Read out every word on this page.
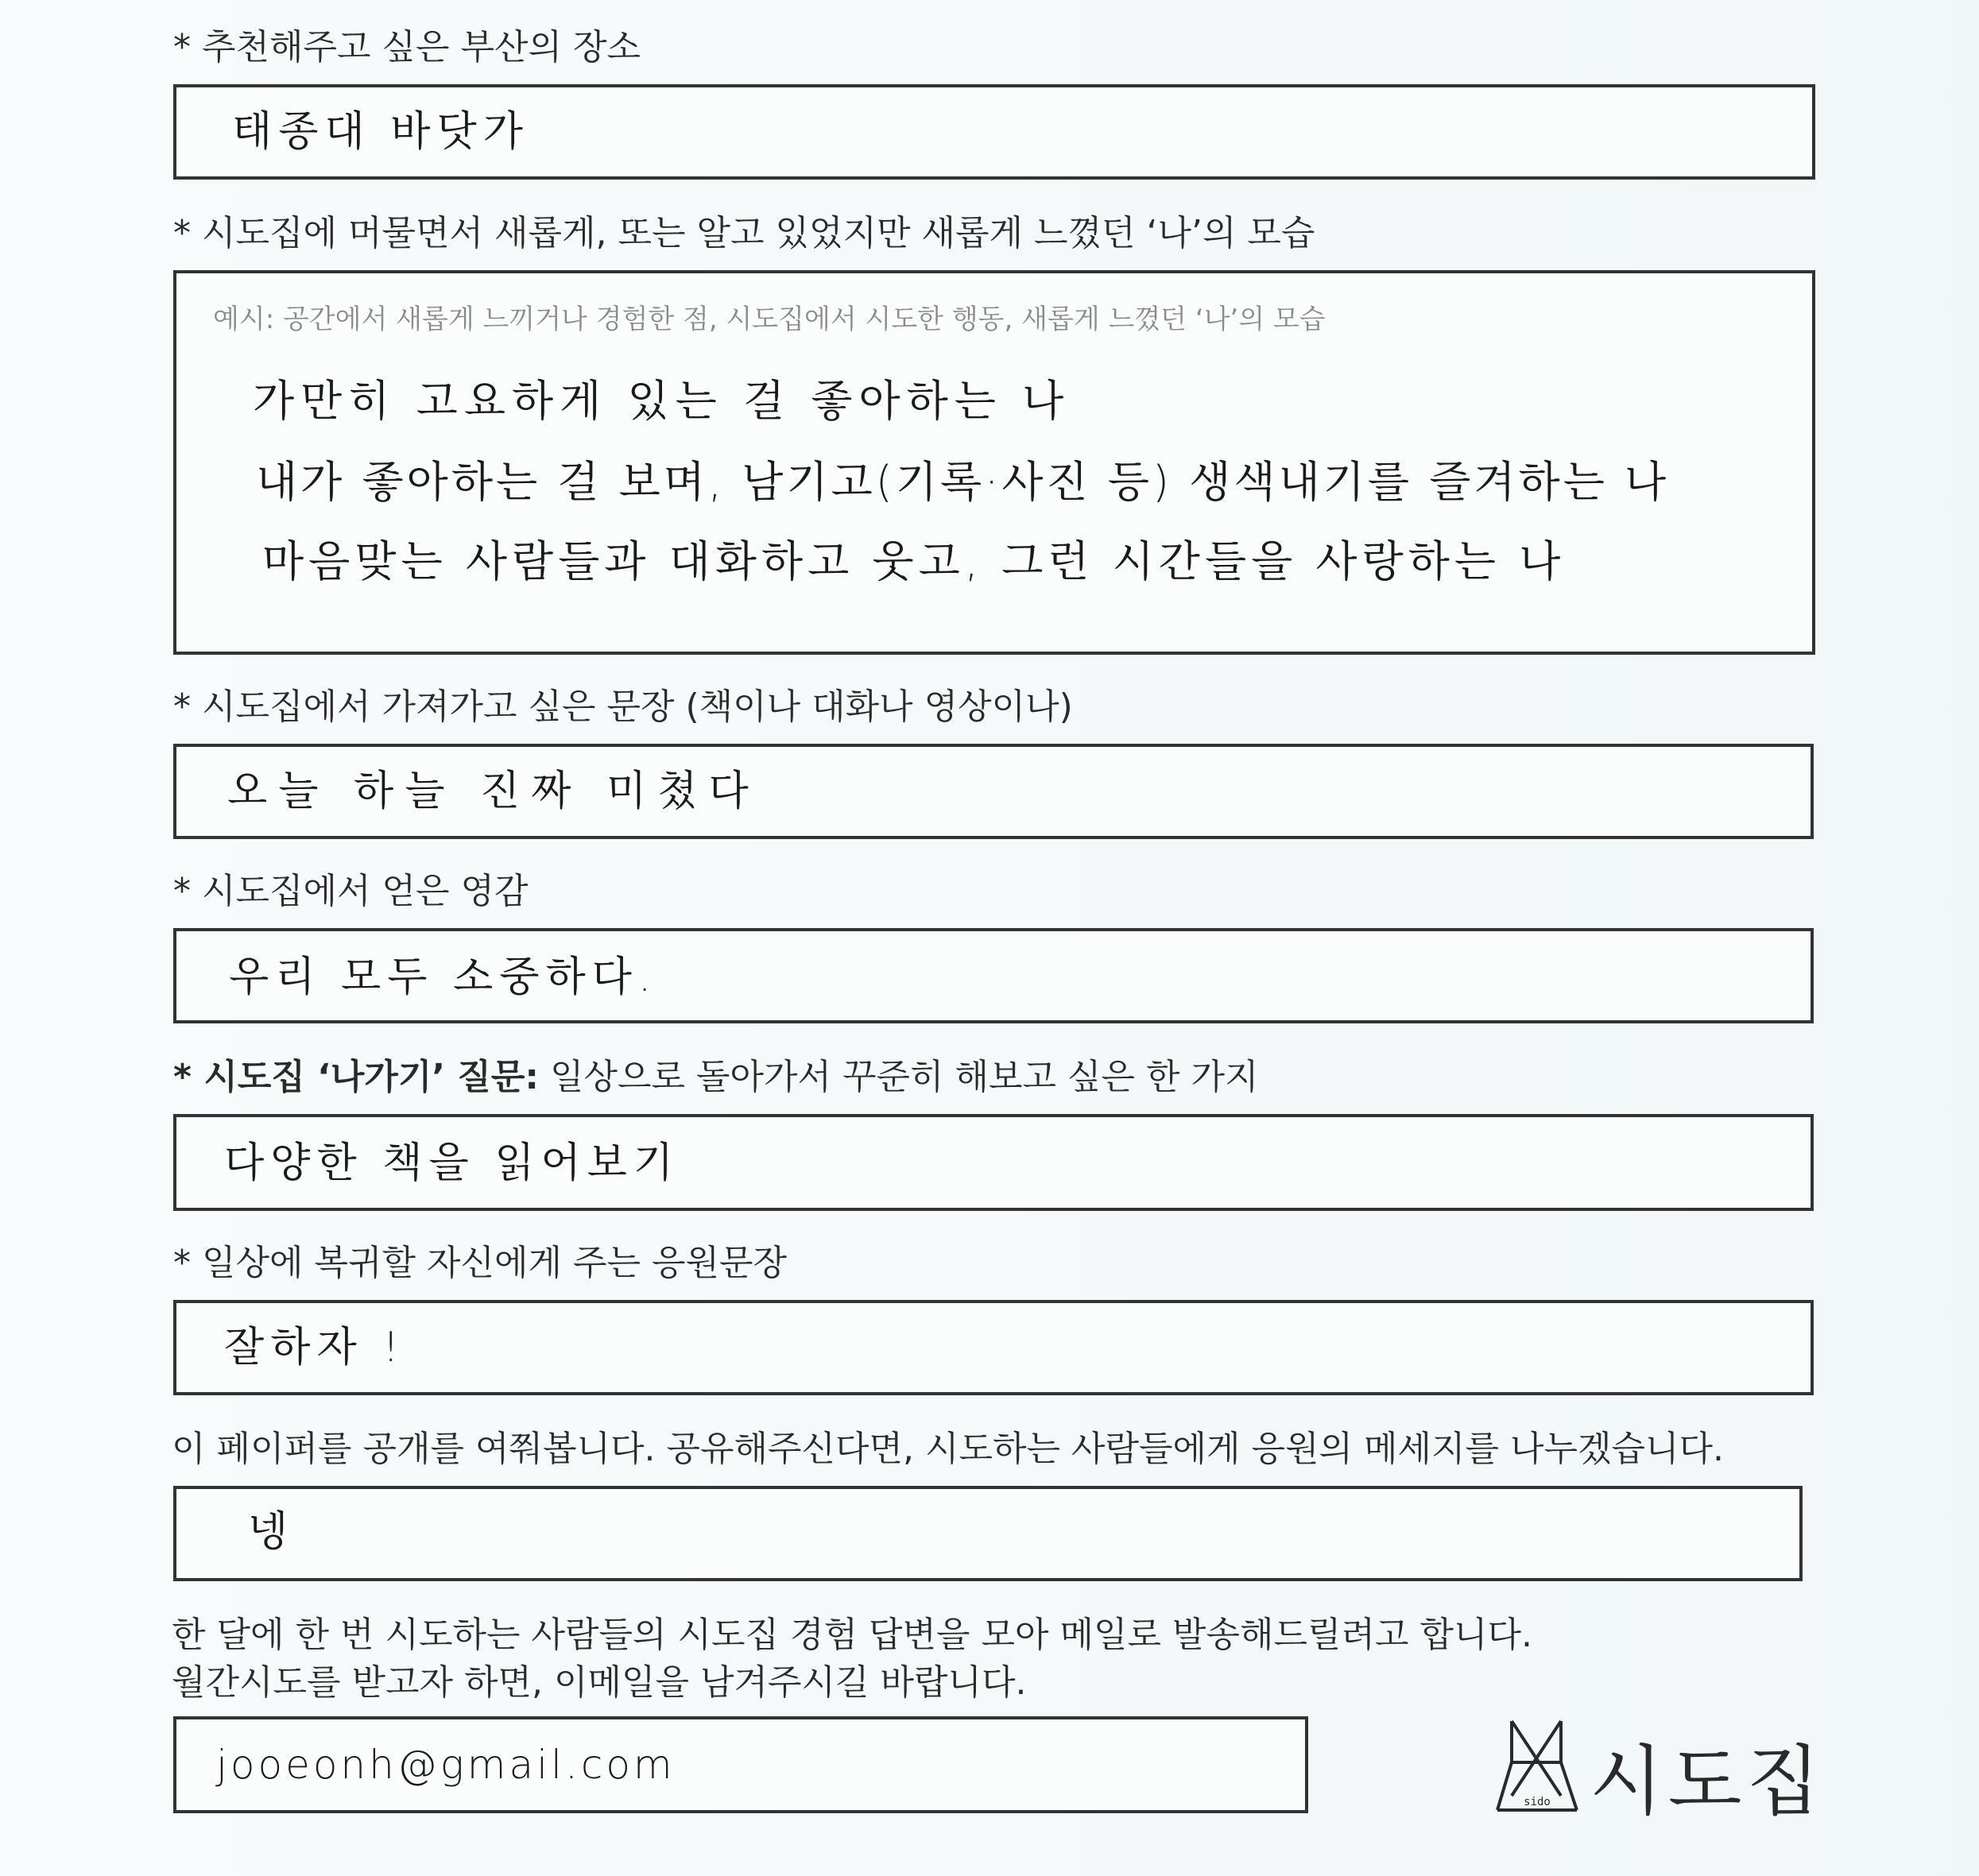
* 추천해주고 싶은 부산의 장소
태종대 바닷가
* 시도집에 머물면서 새롭게, 또는 알고 있었지만 새롭게 느꼈던 ‘나’의 모습
예시: 공간에서 새롭게 느끼거나 경험한 점, 시도집에서 시도한 행동, 새롭게 느꼈던 ‘나’의 모습
가만히 고요하게 있는 걸 좋아하는 나
내가 좋아하는 걸 보며, 남기고(기록·사진 등) 생색내기를 즐겨하는 나
마음맞는 사람들과 대화하고 웃고, 그런 시간들을 사랑하는 나
* 시도집에서 가져가고 싶은 문장 (책이나 대화나 영상이나)
오늘 하늘 진짜 미쳤다
* 시도집에서 얻은 영감
우리 모두 소중하다.
* 시도집 ‘나가기’ 질문: 일상으로 돌아가서 꾸준히 해보고 싶은 한 가지
다양한 책을 읽어보기
* 일상에 복귀할 자신에게 주는 응원문장
잘하자 !
이 페이퍼를 공개를 여쭤봅니다. 공유해주신다면, 시도하는 사람들에게 응원의 메세지를 나누겠습니다.
넹
한 달에 한 번 시도하는 사람들의 시도집 경험 답변을 모아 메일로 발송해드릴려고 합니다.
월간시도를 받고자 하면, 이메일을 남겨주시길 바랍니다.
jooeonh@gmail.com
sido 시도집
